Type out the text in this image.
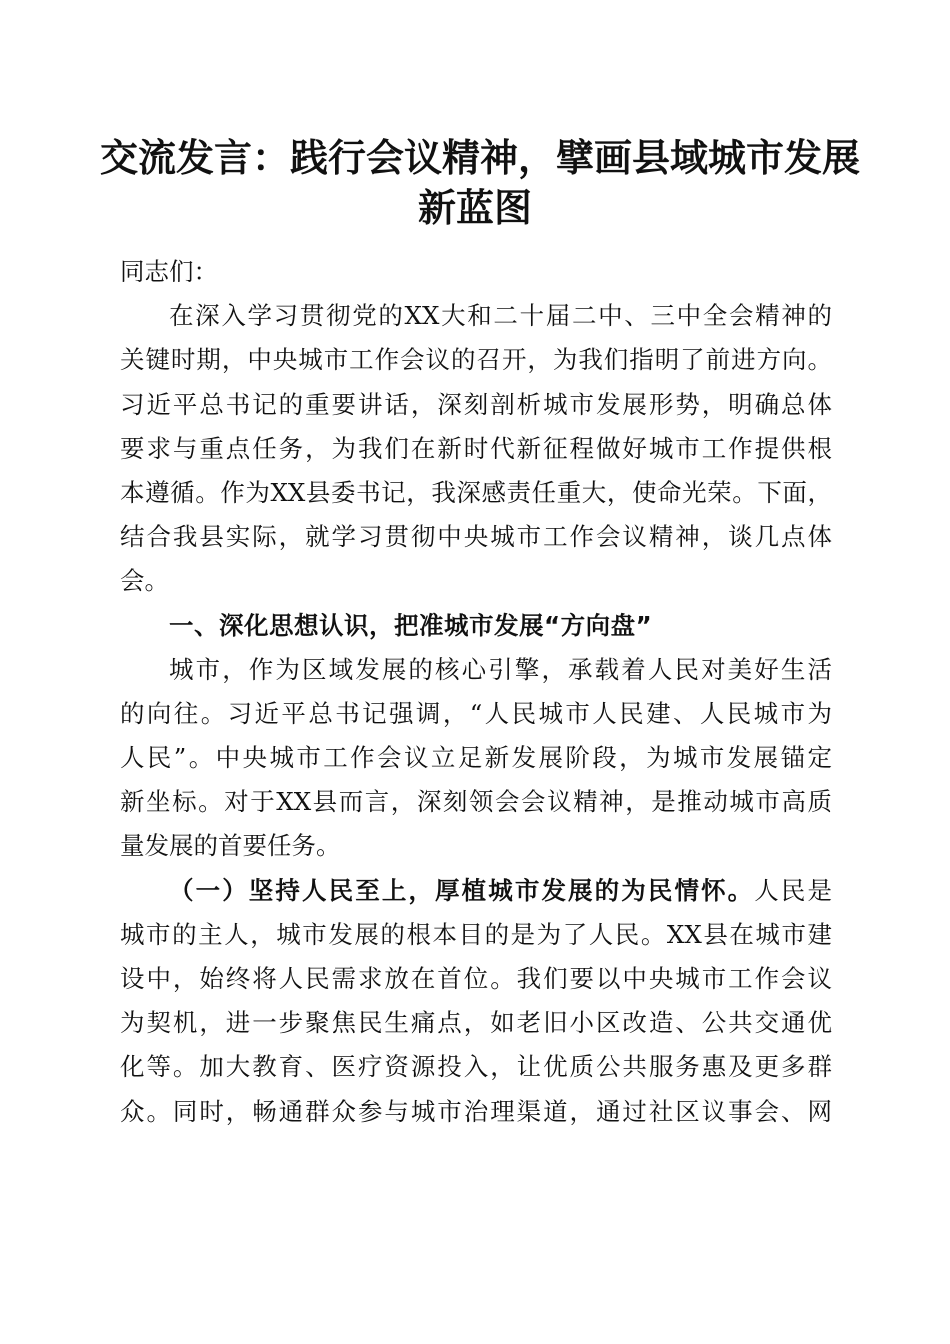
交流发言：践行会议精神，擘画县域城市发展
新蓝图

同志们：

在深入学习贯彻党的XX大和二十届二中、三中全会精神的
关键时期，中央城市工作会议的召开，为我们指明了前进方向。
习近平总书记的重要讲话，深刻剖析城市发展形势，明确总体
要求与重点任务，为我们在新时代新征程做好城市工作提供根
本遵循。作为XX县委书记，我深感责任重大，使命光荣。下面，
结合我县实际，就学习贯彻中央城市工作会议精神，谈几点体
会。

一、深化思想认识，把准城市发展“方向盘”

城市，作为区域发展的核心引擎，承载着人民对美好生活
的向往。习近平总书记强调，“人民城市人民建、人民城市为
人民”。中央城市工作会议立足新发展阶段，为城市发展锚定
新坐标。对于XX县而言，深刻领会会议精神，是推动城市高质
量发展的首要任务。

（一）坚持人民至上，厚植城市发展的为民情怀。人民是
城市的主人，城市发展的根本目的是为了人民。XX县在城市建
设中，始终将人民需求放在首位。我们要以中央城市工作会议
为契机，进一步聚焦民生痛点，如老旧小区改造、公共交通优
化等。加大教育、医疗资源投入，让优质公共服务惠及更多群
众。同时，畅通群众参与城市治理渠道，通过社区议事会、网
